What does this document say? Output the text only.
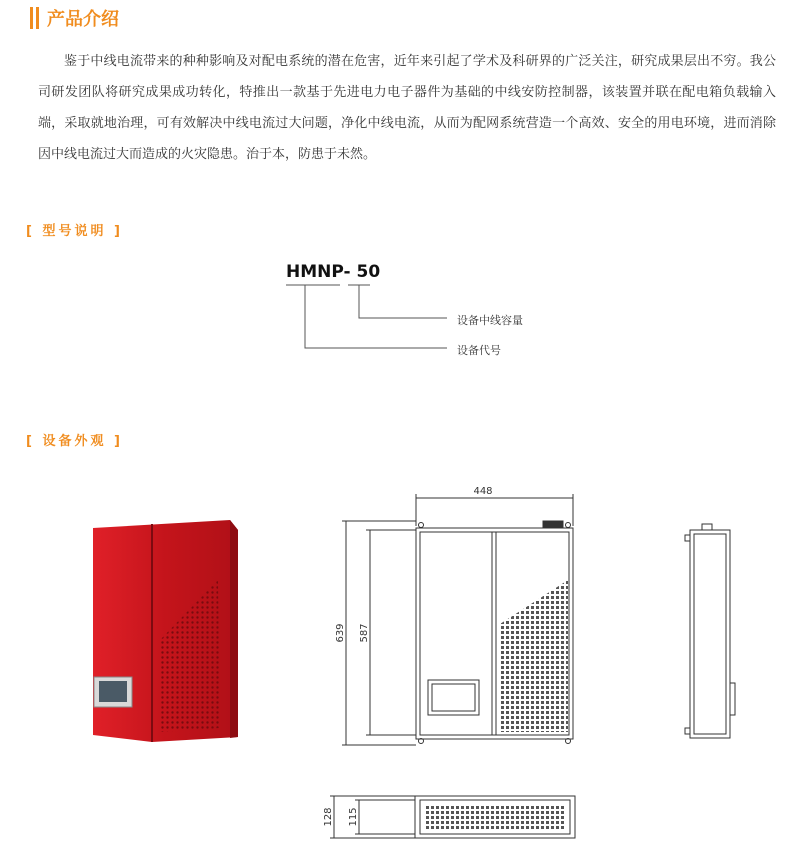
产品介绍

鉴于中线电流带来的种种影响及对配电系统的潜在危害，近年来引起了学术及科研界的广泛关注，研究成果层出不穷。我公司研发团队将研究成果成功转化，特推出一款基于先进电力电子器件为基础的中线安防控制器，该装置并联在配电箱负载输入端，采取就地治理，可有效解决中线电流过大问题，净化中线电流，从而为配网系统营造一个高效、安全的用电环境，进而消除因中线电流过大而造成的火灾隐患。治于本，防患于未然。

[ 型号说明 ]
HMNP- 50
设备中线容量
设备代号
[ 设备外观 ]
448
639 587
128 115
